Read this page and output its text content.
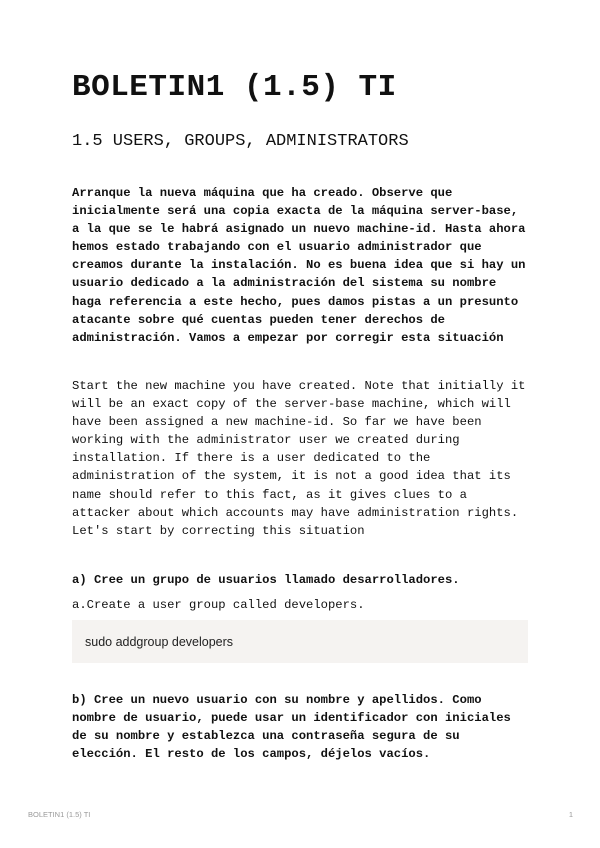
BOLETIN1 (1.5) TI
1.5 USERS, GROUPS, ADMINISTRATORS

Arranque la nueva máquina que ha creado. Observe que
inicialmente será una copia exacta de la máquina server-base,
a la que se le habrá asignado un nuevo machine-id. Hasta ahora
hemos estado trabajando con el usuario administrador que
creamos durante la instalación. No es buena idea que si hay un
usuario dedicado a la administración del sistema su nombre
haga referencia a este hecho, pues damos pistas a un presunto
atacante sobre qué cuentas pueden tener derechos de
administración. Vamos a empezar por corregir esta situación

Start the new machine you have created. Note that initially it
will be an exact copy of the server-base machine, which will
have been assigned a new machine-id. So far we have been
working with the administrator user we created during
installation. If there is a user dedicated to the
administration of the system, it is not a good idea that its
name should refer to this fact, as it gives clues to a
attacker about which accounts may have administration rights.
Let's start by correcting this situation

a) Cree un grupo de usuarios llamado desarrolladores.

a.Create a user group called developers.

sudo addgroup developers

b) Cree un nuevo usuario con su nombre y apellidos. Como
nombre de usuario, puede usar un identificador con iniciales
de su nombre y establezca una contraseña segura de su
elección. El resto de los campos, déjelos vacíos.

BOLETIN1 (1.5) TI	1
